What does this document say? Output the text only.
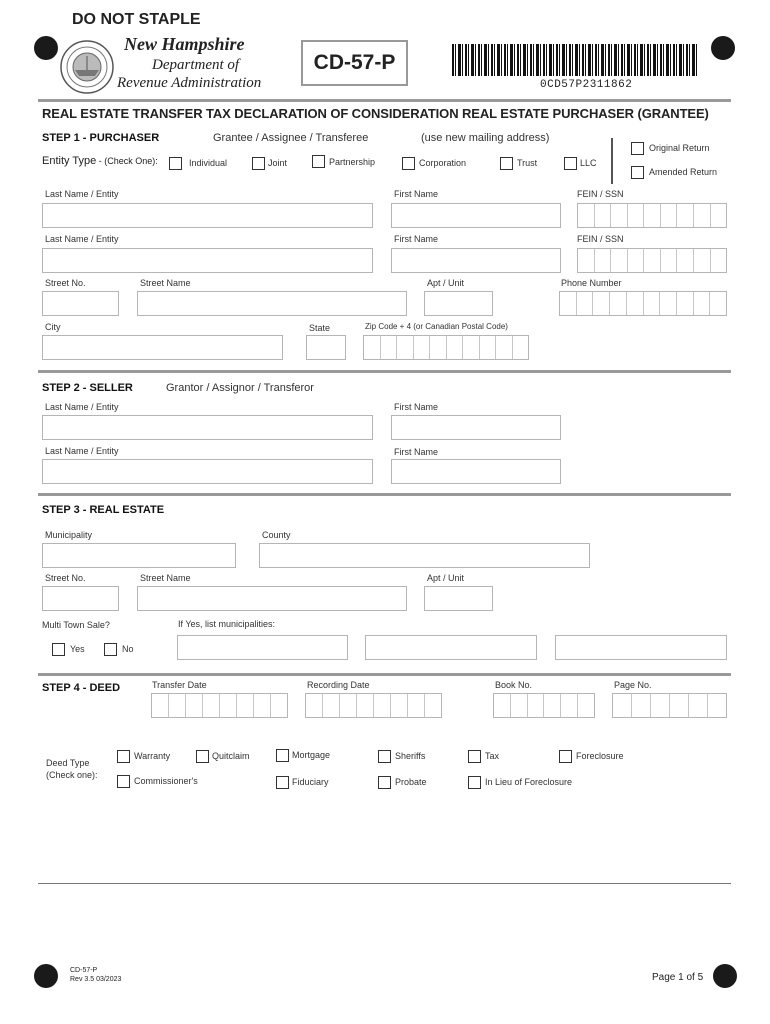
DO NOT STAPLE
New Hampshire
Department of
Revenue Administration
CD-57-P
0CD57P2311862
REAL ESTATE TRANSFER TAX DECLARATION OF CONSIDERATION REAL ESTATE PURCHASER (GRANTEE)
STEP 1 - PURCHASER	Grantee / Assignee / Transferee	(use new mailing address)
Entity Type - (Check One):	Individual	Joint	Partnership	Corporation	Trust	LLC
Original Return
Amended Return
Last Name / Entity	First Name	FEIN / SSN
Last Name / Entity	First Name	FEIN / SSN
Street No.	Street Name	Apt / Unit	Phone Number
City	State	Zip Code + 4 (or Canadian Postal Code)
STEP 2 - SELLER	Grantor / Assignor / Transferor
Last Name / Entity	First Name
Last Name / Entity	First Name
STEP 3 - REAL ESTATE
Municipality	County
Street No.	Street Name	Apt / Unit
Multi Town Sale?	If Yes, list municipalities:
Yes	No
STEP 4 - DEED	Transfer Date	Recording Date	Book No.	Page No.
Deed Type
(Check one):
Warranty	Quitclaim	Mortgage	Sheriffs	Tax	Foreclosure
Commissioner's	Fiduciary	Probate	In Lieu of Foreclosure
CD-57-P
Rev 3.5 03/2023	Page 1 of 5
